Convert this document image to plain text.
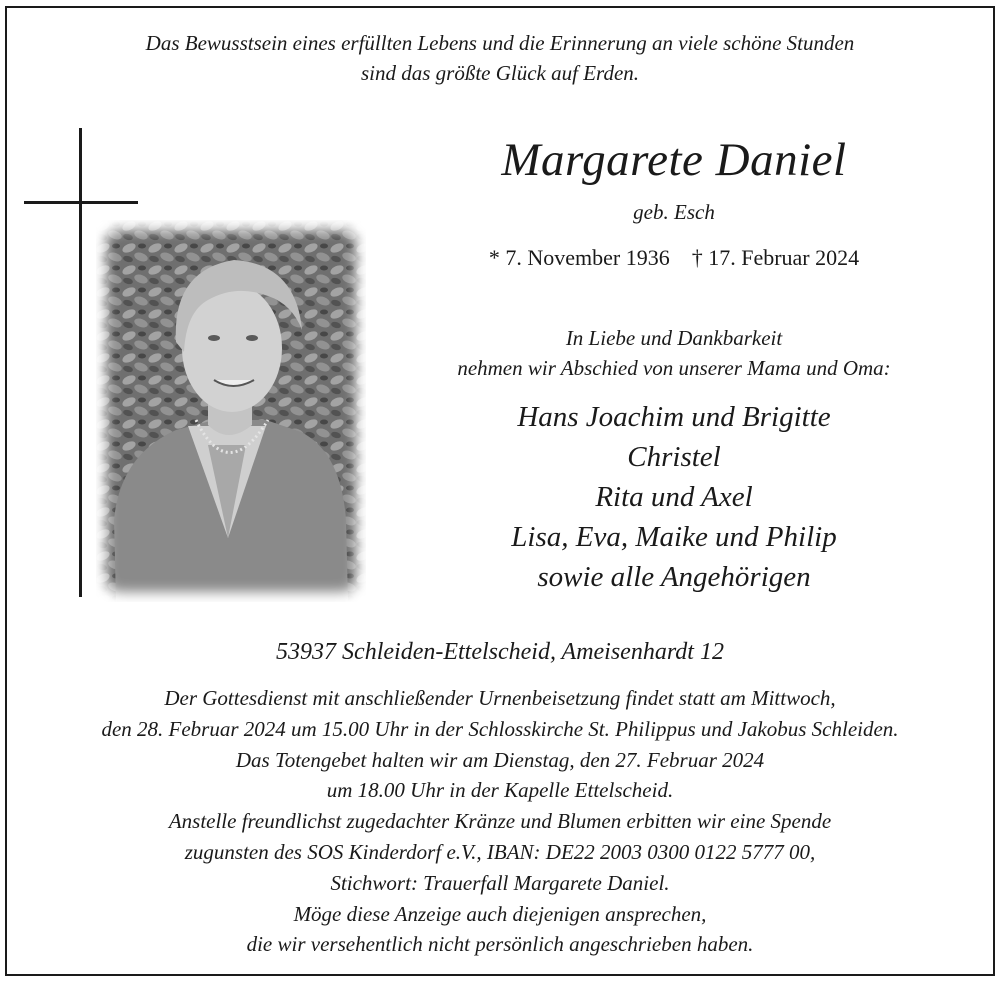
Das Bewusstsein eines erfüllten Lebens und die Erinnerung an viele schöne Stunden
sind das größte Glück auf Erden.
Margarete Daniel
geb. Esch
* 7. November 1936 † 17. Februar 2024
In Liebe und Dankbarkeit
nehmen wir Abschied von unserer Mama und Oma:
Hans Joachim und Brigitte
Christel
Rita und Axel
Lisa, Eva, Maike und Philip
sowie alle Angehörigen
53937 Schleiden-Ettelscheid, Ameisenhardt 12
Der Gottesdienst mit anschließender Urnenbeisetzung findet statt am Mittwoch,
den 28. Februar 2024 um 15.00 Uhr in der Schlosskirche St. Philippus und Jakobus Schleiden.
Das Totengebet halten wir am Dienstag, den 27. Februar 2024
um 18.00 Uhr in der Kapelle Ettelscheid.
Anstelle freundlichst zugedachter Kränze und Blumen erbitten wir eine Spende
zugunsten des SOS Kinderdorf e.V., IBAN: DE22 2003 0300 0122 5777 00,
Stichwort: Trauerfall Margarete Daniel.
Möge diese Anzeige auch diejenigen ansprechen,
die wir versehentlich nicht persönlich angeschrieben haben.
